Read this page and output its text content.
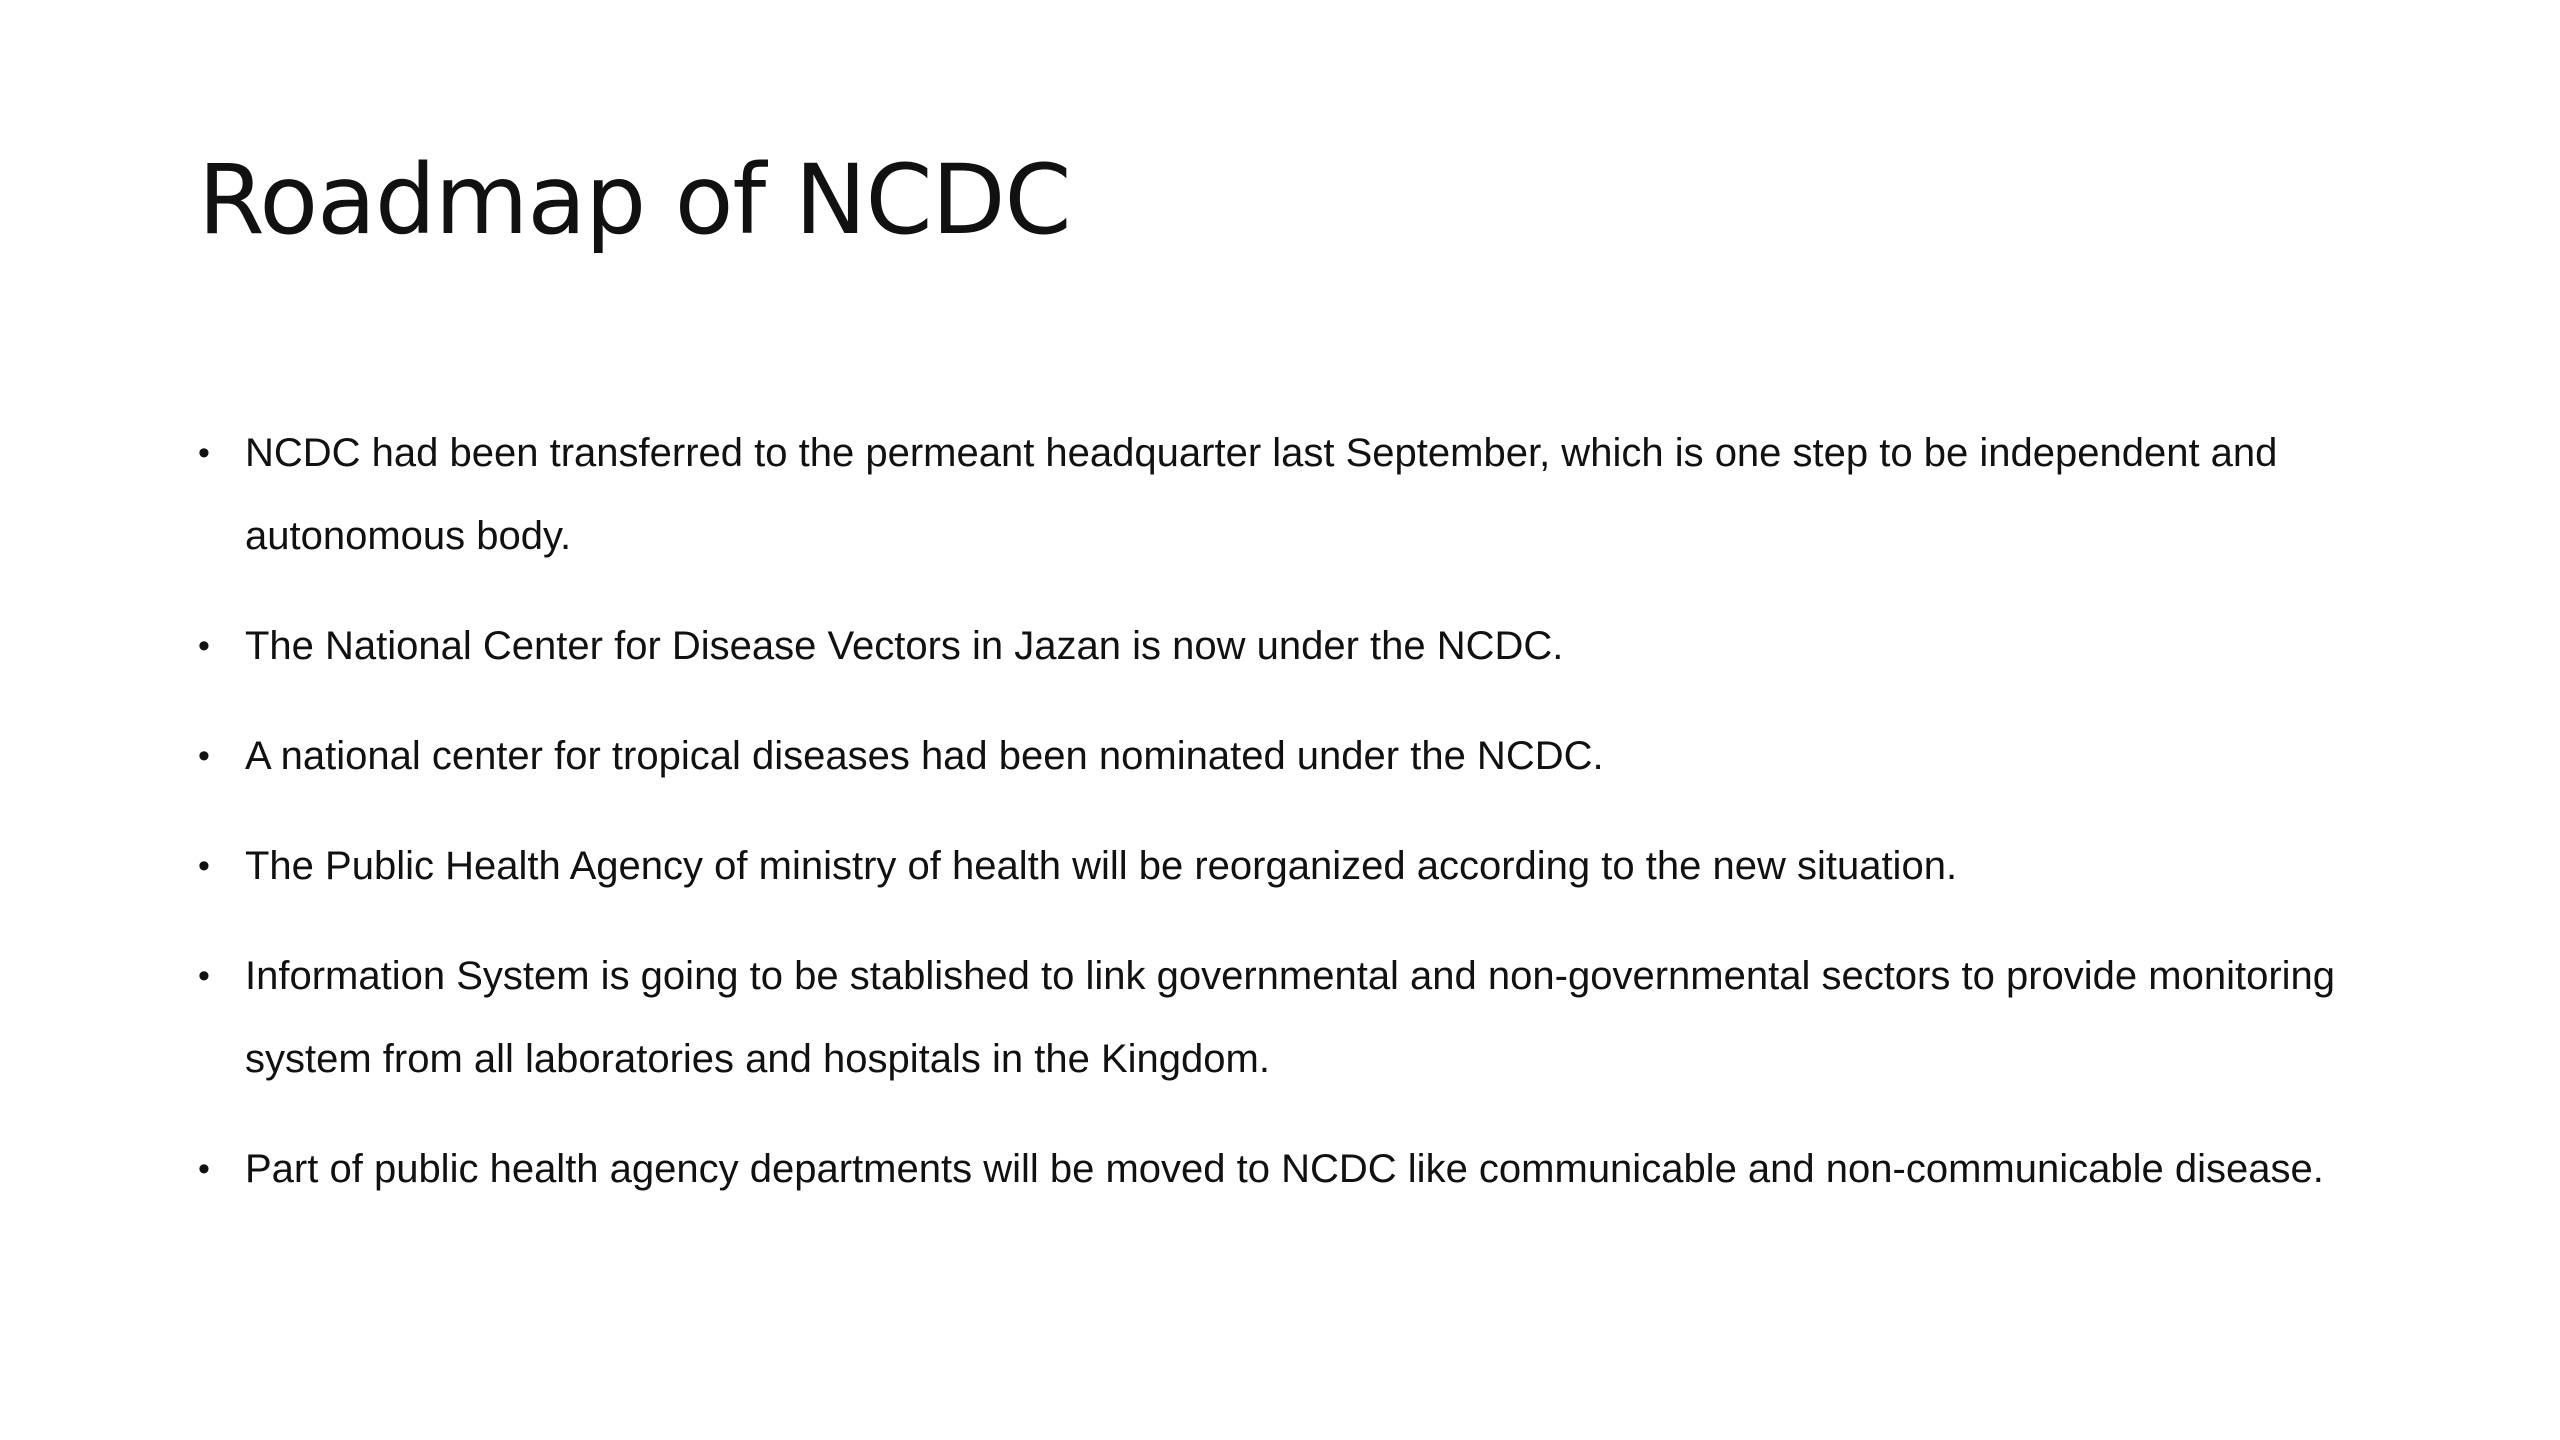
Roadmap of NCDC
• NCDC had been transferred to the permeant headquarter last September, which is one step to be independent and autonomous body.
• The National Center for Disease Vectors in Jazan is now under the NCDC.
• A national center for tropical diseases had been nominated under the NCDC.
• The Public Health Agency of ministry of health will be reorganized according to the new situation.
• Information System is going to be stablished to link governmental and non-governmental sectors to provide monitoring system from all laboratories and hospitals in the Kingdom.
• Part of public health agency departments will be moved to NCDC like communicable and non-communicable disease.
